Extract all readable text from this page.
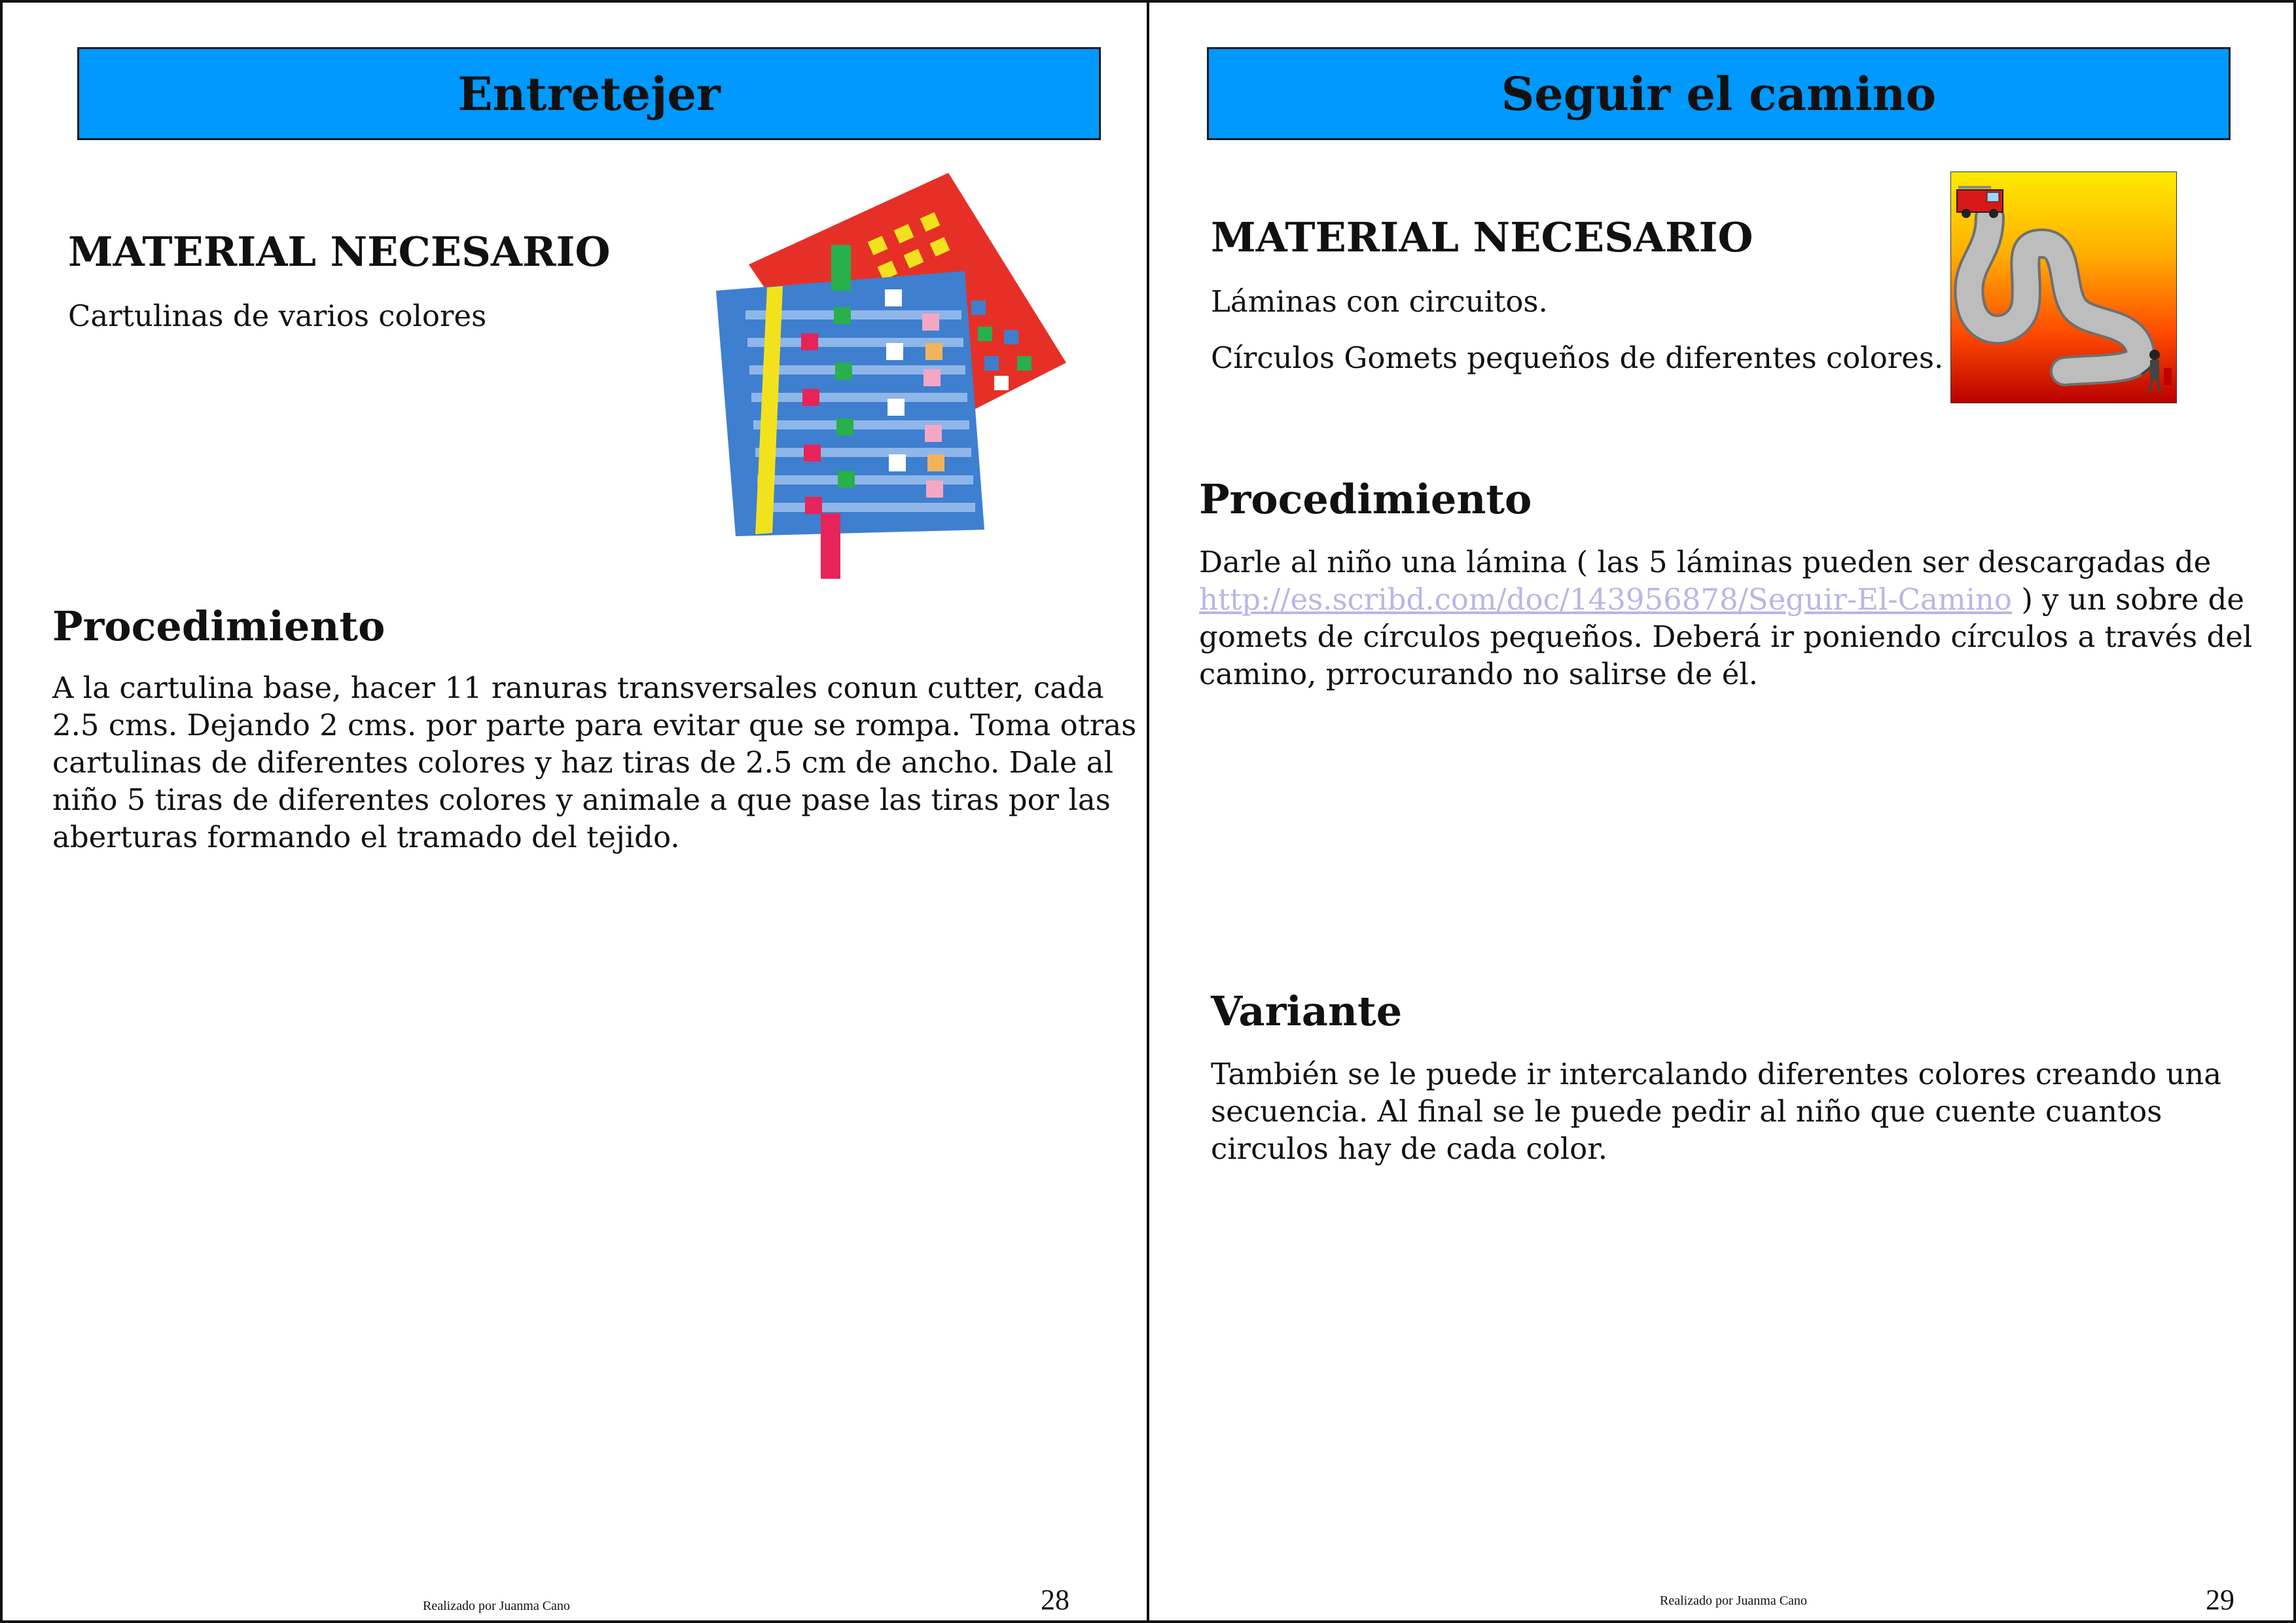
Entretejer
MATERIAL NECESARIO
Cartulinas de varios colores
Procedimiento
A la cartulina base, hacer 11 ranuras transversales conun cutter, cada 2.5 cms. Dejando 2 cms. por parte para evitar que se rompa. Toma otras cartulinas de diferentes colores y haz tiras de 2.5 cm de ancho. Dale al niño 5 tiras de diferentes colores y animale a que pase las tiras por las aberturas formando el tramado del tejido.
Realizado por Juanma Cano	28
Seguir el camino
MATERIAL NECESARIO

Láminas con circuitos.

Círculos Gomets pequeños de diferentes colores.

Procedimiento
Darle al niño una lámina ( las 5 láminas pueden ser descargadas de http://es.scribd.com/doc/143956878/Seguir-El-Camino ) y un sobre de gomets de círculos pequeños. Deberá ir poniendo círculos a través del camino, prrocurando no salirse de él.
Variante
También se le puede ir intercalando diferentes colores creando una secuencia. Al final se le puede pedir al niño que cuente cuantos circulos hay de cada color.
Realizado por Juanma Cano	29
